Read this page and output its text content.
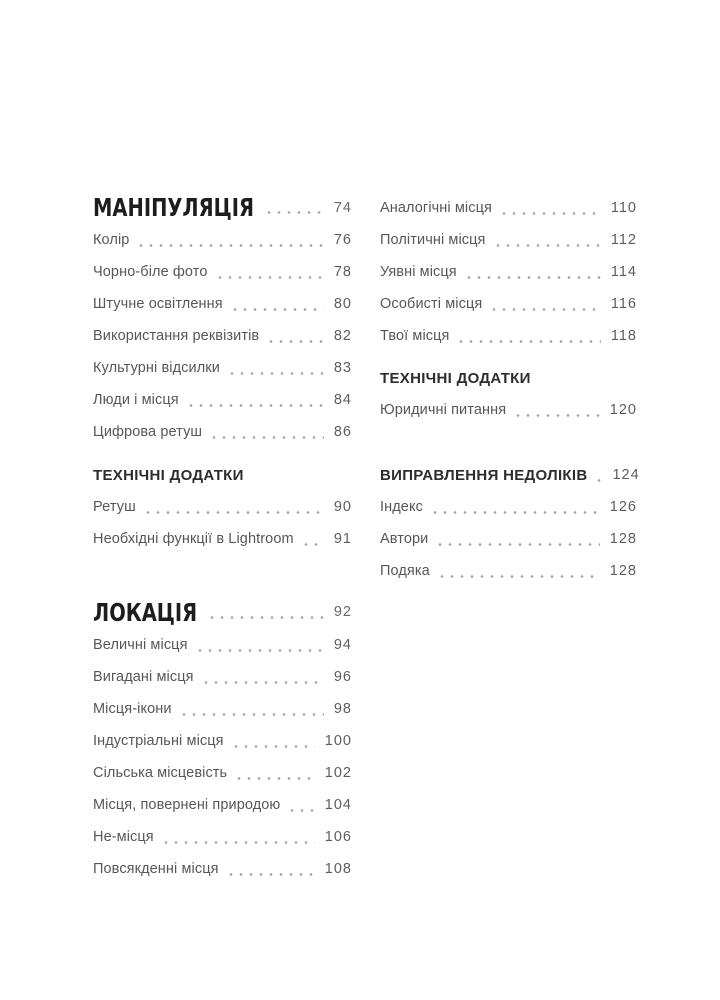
МАНІПУЛЯЦІЯ	74
Колір	76
Чорно-біле фото	78
Штучне освітлення	80
Використання реквізитів	82
Культурні відсилки	83
Люди і місця	84
Цифрова ретуш	86
ТЕХНІЧНІ ДОДАТКИ
Ретуш	90
Необхідні функції в Lightroom	91
ЛОКАЦІЯ	92
Величні місця	94
Вигадані місця	96
Місця-ікони	98
Індустріальні місця	100
Сільська місцевість	102
Місця, повернені природою	104
Не-місця	106
Повсякденні місця	108
Аналогічні місця	110
Політичні місця	112
Уявні місця	114
Особисті місця	116
Твої місця	118
ТЕХНІЧНІ ДОДАТКИ
Юридичні питання	120
ВИПРАВЛЕННЯ НЕДОЛІКІВ 124
Індекс	126
Автори	128
Подяка	128
